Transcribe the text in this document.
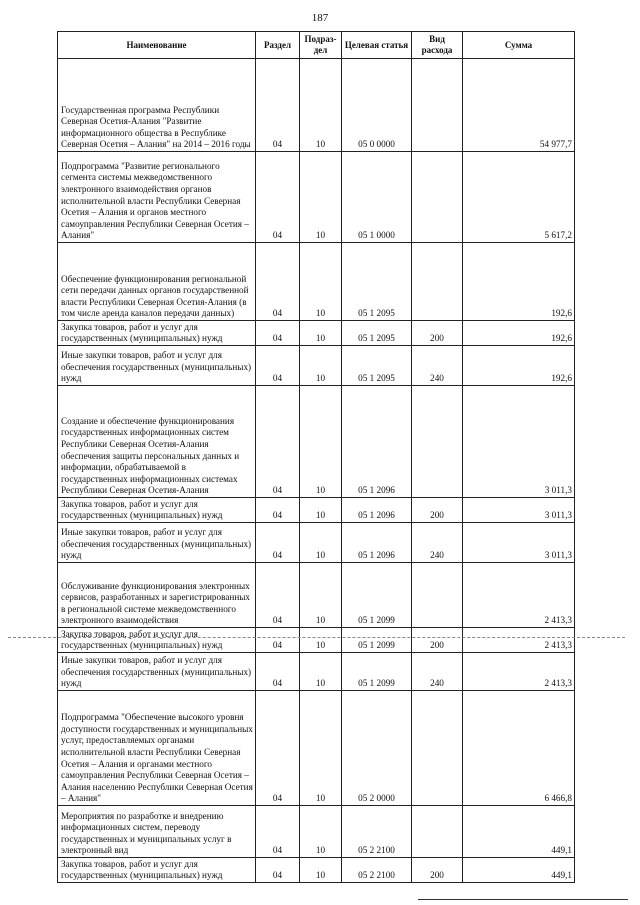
187
Наименование	Раздел	Подраз-дел	Целевая статья	Вид расхода	Сумма
Государственная программа Республики Северная Осетия-Алания "Развитие информационного общества в Республике Северная Осетия – Алания" на 2014 – 2016 годы	04	10	05 0 0000		54 977,7
Подпрограмма "Развитие регионального сегмента системы межведомственного электронного взаимодействия органов исполнительной власти Республики Северная Осетия – Алания и органов местного самоуправления Республики Северная Осетия – Алания"	04	10	05 1 0000		5 617,2
Обеспечение функционирования региональной сети передачи данных органов государственной власти Республики Северная Осетия-Алания (в том числе аренда каналов передачи данных)	04	10	05 1 2095		192,6
Закупка товаров, работ и услуг для государственных (муниципальных) нужд	04	10	05 1 2095	200	192,6
Иные закупки товаров, работ и услуг для обеспечения государственных (муниципальных) нужд	04	10	05 1 2095	240	192,6
Создание и обеспечение функционирования государственных информационных систем Республики Северная Осетия-Алания обеспечения защиты персональных данных и информации, обрабатываемой в государственных информационных системах Республики Северная Осетия-Алания	04	10	05 1 2096		3 011,3
Закупка товаров, работ и услуг для государственных (муниципальных) нужд	04	10	05 1 2096	200	3 011,3
Иные закупки товаров, работ и услуг для обеспечения государственных (муниципальных) нужд	04	10	05 1 2096	240	3 011,3
Обслуживание функционирования электронных сервисов, разработанных и зарегистрированных в региональной системе межведомственного электронного взаимодействия	04	10	05 1 2099		2 413,3
Закупка товаров, работ и услуг для государственных (муниципальных) нужд	04	10	05 1 2099	200	2 413,3
Иные закупки товаров, работ и услуг для обеспечения государственных (муниципальных) нужд	04	10	05 1 2099	240	2 413,3
Подпрограмма "Обеспечение высокого уровня доступности государственных и муниципальных услуг, предоставляемых органами исполнительной власти Республики Северная Осетия – Алания и органами местного самоуправления Республики Северная Осетия – Алания населению Республики Северная Осетия – Алания"	04	10	05 2 0000		6 466,8
Мероприятия по разработке и внедрению информационных систем, переводу государственных и муниципальных услуг в электронный вид	04	10	05 2 2100		449,1
Закупка товаров, работ и услуг для государственных (муниципальных) нужд	04	10	05 2 2100	200	449,1
